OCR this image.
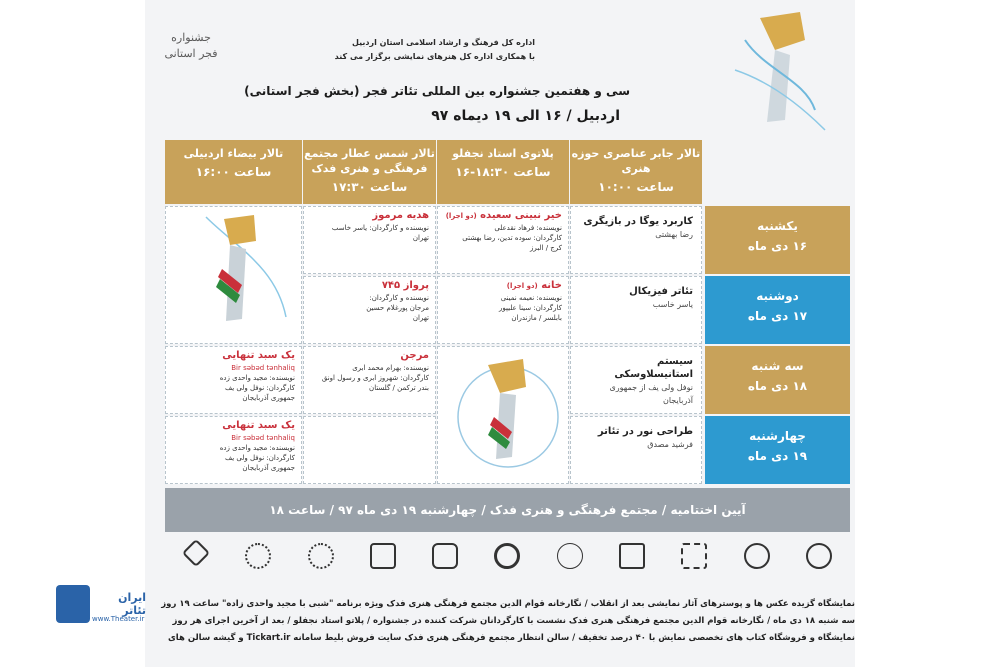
جشنواره فجر استانی
اداره کل فرهنگ و ارشاد اسلامی استان اردبیل
با همکاری اداره کل هنرهای نمایشی برگزار می کند
سی و هفتمین جشنواره بین المللی تئاتر فجر (بخش فجر استانی)
اردبیل / ۱۶ الی ۱۹ دیماه ۹۷
تالار جابر عناصری حوزه هنری
ساعت ۱۰:۰۰
پلاتوی استاد نجفلو
ساعت ۱۸:۳۰-۱۶
تالار شمس عطار مجتمع فرهنگی و هنری فدک
ساعت ۱۷:۳۰
تالار بیضاء اردبیلی
ساعت ۱۶:۰۰
یکشنبه
۱۶ دی ماه
دوشنبه
۱۷ دی ماه
سه شنبه
۱۸ دی ماه
چهارشنبه
۱۹ دی ماه
کاربرد یوگا در بازیگری
رضا بهشتی
تئاتر فیزیکال
یاسر خاسب
سیستم استانیسلاوسکی
نوفل ولی یف از جمهوری آذربایجان
طراحی نور در تئاتر
فرشید مصدق
خیر نبینی سعیده (دو اجرا)
نویسنده: فرهاد نقدعلی
کارگردان: سوده تدین، رضا بهشتی
کرج / البرز
خانه (دو اجرا)
نویسنده: نعیمه نمینی
کارگردان: سینا علیپور
بابلسر / مازندران
هدیه مرموز
نویسنده و کارگردان: یاسر خاسب
تهران
پرواز ۷۴۵
نویسنده و کارگردان:
مرجان پورغلام حسین
تهران
مرجن
نویسنده: بهرام محمد ابری
کارگردان: شهروز ابری و رسول اونق
بندر ترکمن / گلستان
یک سبد تنهایی
Bir səbəd tənhaliq
نویسنده: مجید واحدی زده
کارگردان: نوفل ولی یف
جمهوری آذربایجان
یک سبد تنهایی
Bir səbəd tənhaliq
نویسنده: مجید واحدی زده
کارگردان: نوفل ولی یف
جمهوری آذربایجان
آیین اختتامیه / مجتمع فرهنگی و هنری فدک / چهارشنبه ۱۹ دی ماه ۹۷ / ساعت ۱۸
نمایشگاه گزیده عکس ها و پوسترهای آثار نمایشی بعد از انقلاب / نگارخانه قوام الدین مجتمع فرهنگی هنری فدک ویژه برنامه "شبی با مجید واحدی زاده" ساعت ۱۹ روز
سه شنبه ۱۸ دی ماه / نگارخانه قوام الدین مجتمع فرهنگی هنری فدک نشست با کارگردانان شرکت کننده در جشنواره / پلاتو استاد نجفلو / بعد از آخرین اجرای هر روز
نمایشگاه و فروشگاه کتاب های تخصصی نمایش با ۴۰ درصد تخفیف / سالن انتظار مجتمع فرهنگی هنری فدک سایت فروش بلیط سامانه Tickart.ir و گیشه سالن های
ایران تئاتر
www.Theater.ir
